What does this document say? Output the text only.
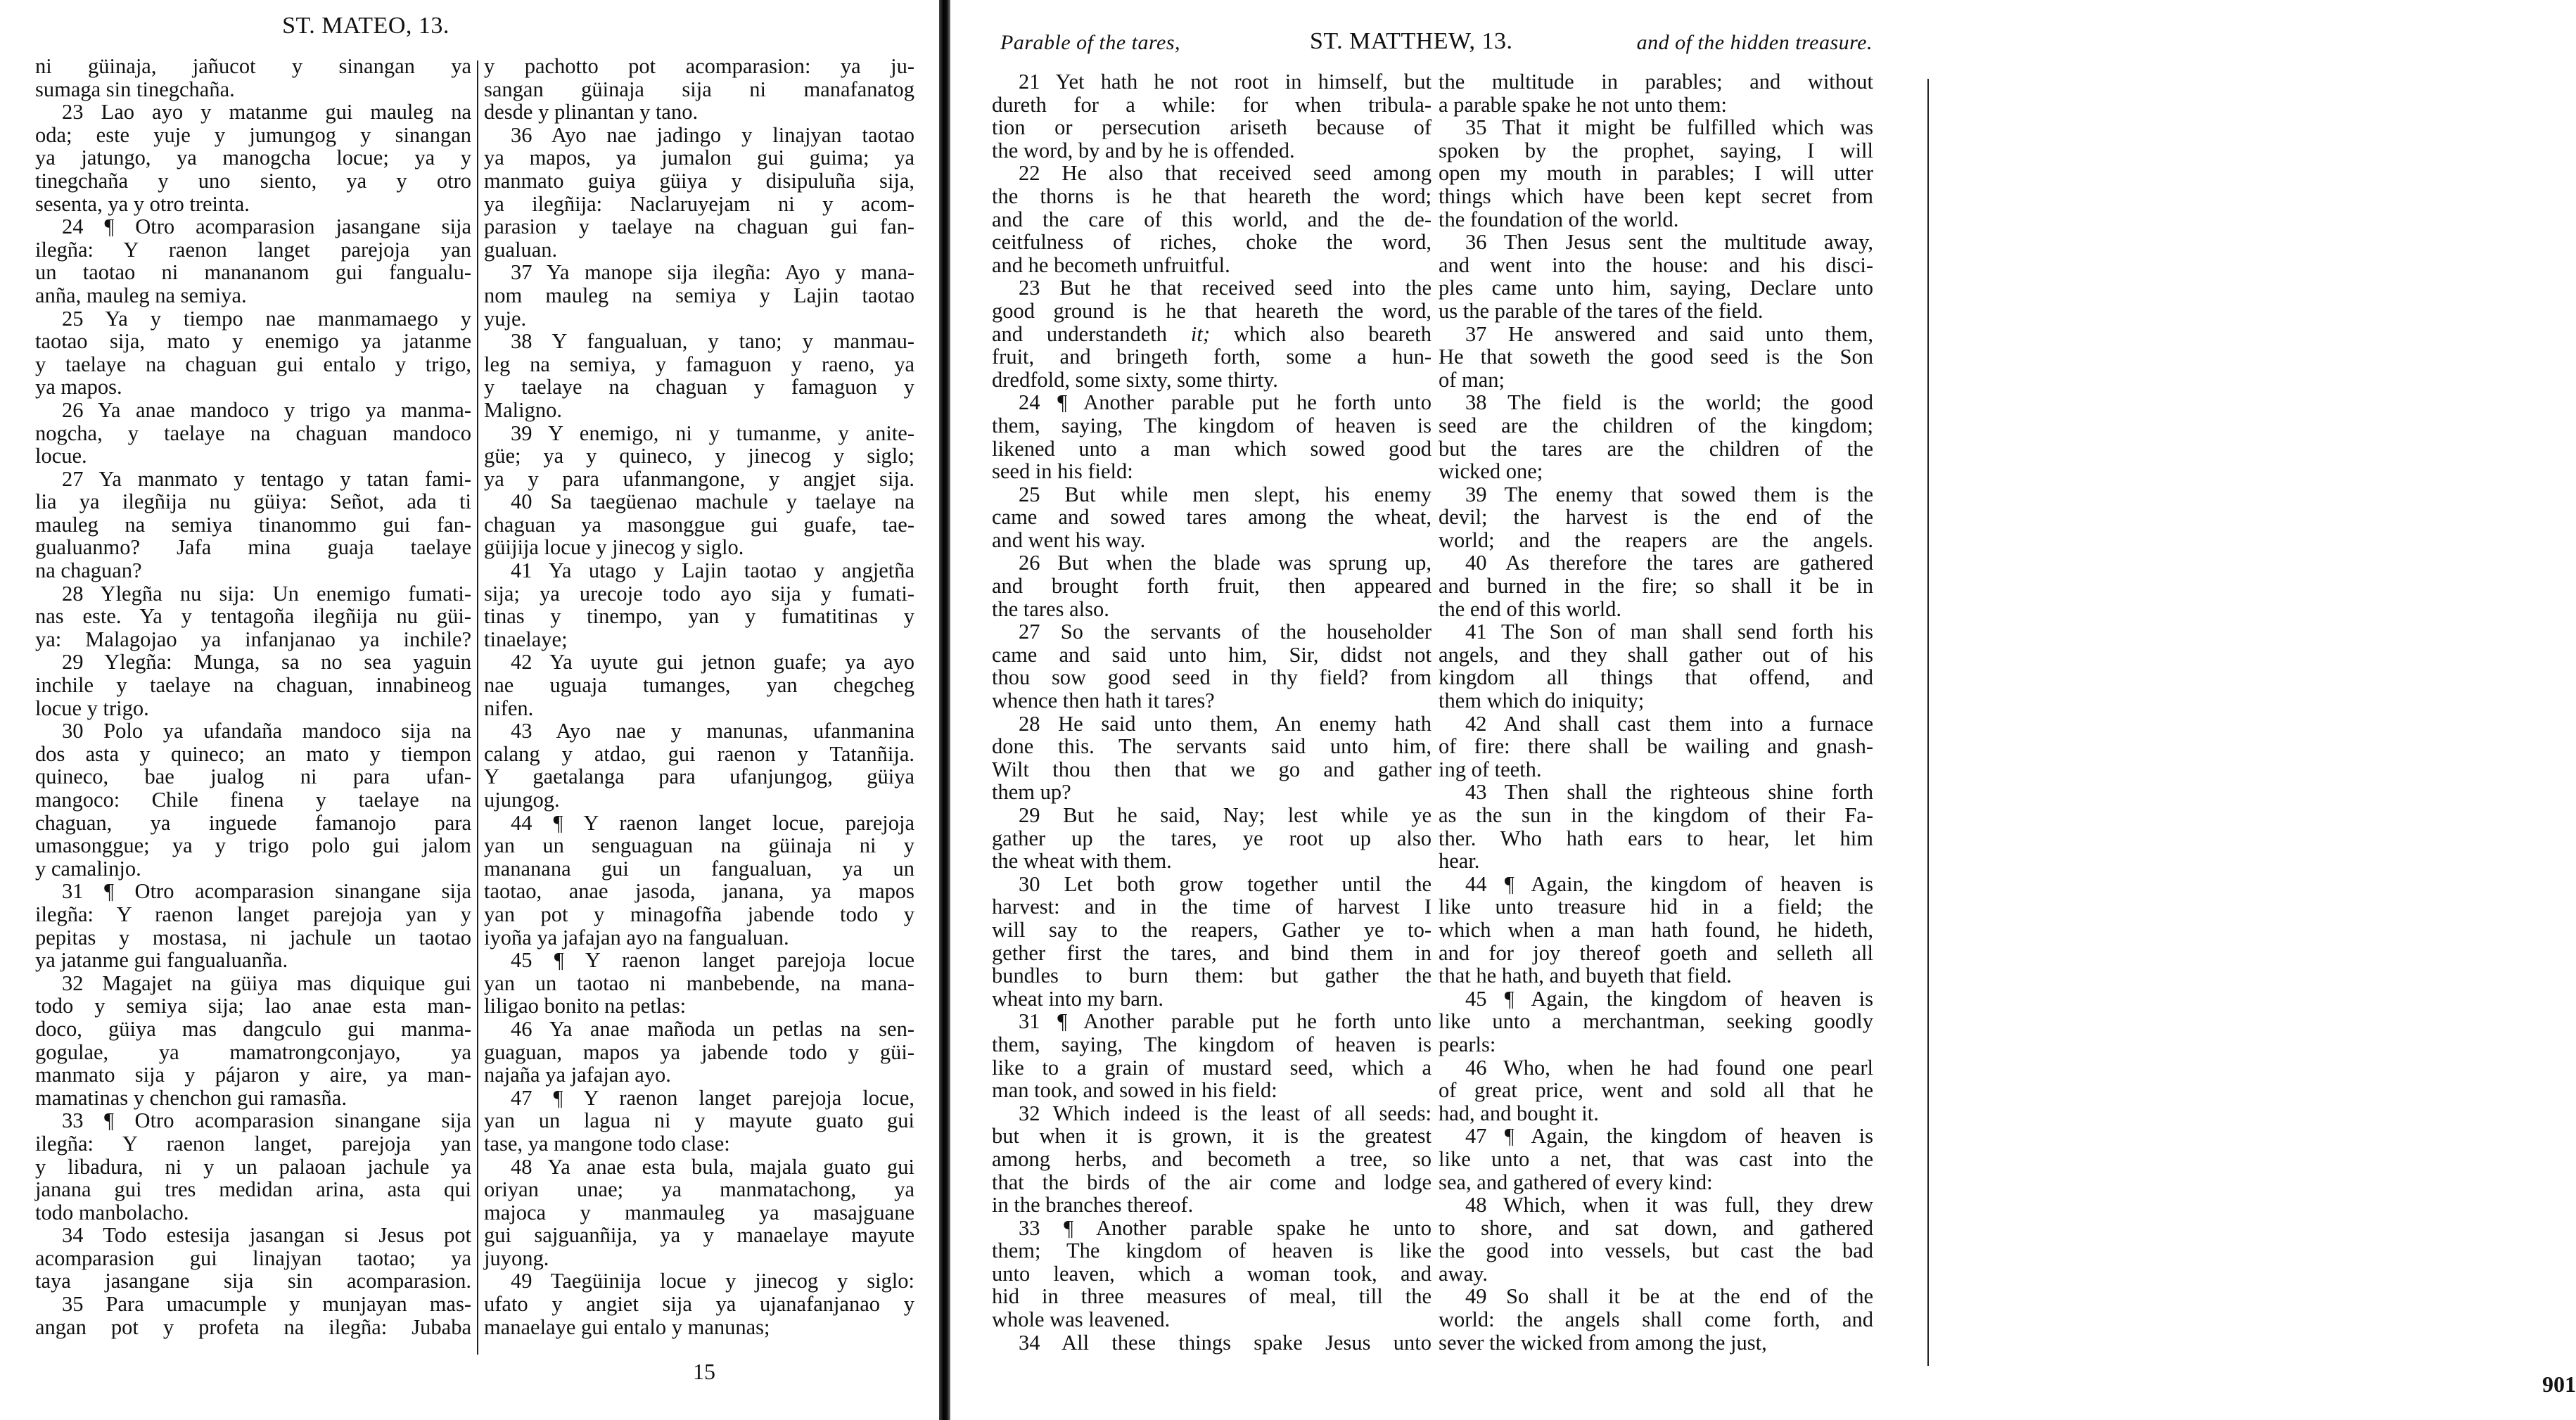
ST. MATEO, 13.
ni güinaja, jañucot y sinangan ya
sumaga sin tinegchaña.
23 Lao ayo y matanme gui mauleg na
oda; este yuje y jumungog y sinangan
ya jatungo, ya manogcha locue; ya y
tinegchaña y uno siento, ya y otro
sesenta, ya y otro treinta.
24 ¶ Otro acomparasion jasangane sija
ilegña: Y raenon langet parejoja yan
un taotao ni manananom gui fangualu-
anña, mauleg na semiya.
25 Ya y tiempo nae manmamaego y
taotao sija, mato y enemigo ya jatanme
y taelaye na chaguan gui entalo y trigo,
ya mapos.
26 Ya anae mandoco y trigo ya manma-
nogcha, y taelaye na chaguan mandoco
locue.
27 Ya manmato y tentago y tatan fami-
lia ya ilegñija nu güiya: Señot, ada ti
mauleg na semiya tinanommo gui fan-
gualuanmo? Jafa mina guaja taelaye
na chaguan?
28 Ylegña nu sija: Un enemigo fumati-
nas este. Ya y tentagoña ilegñija nu güi-
ya: Malagojao ya infanjanao ya inchile?
29 Ylegña: Munga, sa no sea yaguin
inchile y taelaye na chaguan, innabineog
locue y trigo.
30 Polo ya ufandaña mandoco sija na
dos asta y quineco; an mato y tiempon
quineco, bae jualog ni para ufan-
mangoco: Chile finena y taelaye na
chaguan, ya inguede famanojo para
umasonggue; ya y trigo polo gui jalom
y camalinjo.
31 ¶ Otro acomparasion sinangane sija
ilegña: Y raenon langet parejoja yan y
pepitas y mostasa, ni jachule un taotao
ya jatanme gui fangualuanña.
32 Magajet na güiya mas diquique gui
todo y semiya sija; lao anae esta man-
doco, güiya mas dangculo gui manma-
gogulae, ya mamatrongconjayo, ya
manmato sija y pájaron y aire, ya man-
mamatinas y chenchon gui ramasña.
33 ¶ Otro acomparasion sinangane sija
ilegña: Y raenon langet, parejoja yan
y libadura, ni y un palaoan jachule ya
janana gui tres medidan arina, asta qui
todo manbolacho.
34 Todo estesija jasangan si Jesus pot
acomparasion gui linajyan taotao; ya
taya jasangane sija sin acomparasion.
35 Para umacumple y munjayan mas-
angan pot y profeta na ilegña: Jubaba
y pachotto pot acomparasion: ya ju-
sangan güinaja sija ni manafanatog
desde y plinantan y tano.
36 Ayo nae jadingo y linajyan taotao
ya mapos, ya jumalon gui guima; ya
manmato guiya güiya y disipuluña sija,
ya ilegñija: Naclaruyejam ni y acom-
parasion y taelaye na chaguan gui fan-
gualuan.
37 Ya manope sija ilegña: Ayo y mana-
nom mauleg na semiya y Lajin taotao
yuje.
38 Y fangualuan, y tano; y manmau-
leg na semiya, y famaguon y raeno, ya
y taelaye na chaguan y famaguon y
Maligno.
39 Y enemigo, ni y tumanme, y anite-
güe; ya y quineco, y jinecog y siglo;
ya y para ufanmangone, y angjet sija.
40 Sa taegüenao machule y taelaye na
chaguan ya masonggue gui guafe, tae-
güijija locue y jinecog y siglo.
41 Ya utago y Lajin taotao y angjetña
sija; ya urecoje todo ayo sija y fumati-
tinas y tinempo, yan y fumatitinas y
tinaelaye;
42 Ya uyute gui jetnon guafe; ya ayo
nae uguaja tumanges, yan chegcheg
nifen.
43 Ayo nae y manunas, ufanmanina
calang y atdao, gui raenon y Tatanñija.
Y gaetalanga para ufanjungog, güiya
ujungog.
44 ¶ Y raenon langet locue, parejoja
yan un senguaguan na güinaja ni y
mananana gui un fangualuan, ya un
taotao, anae jasoda, janana, ya mapos
yan pot y minagofña jabende todo y
iyoña ya jafajan ayo na fangualuan.
45 ¶ Y raenon langet parejoja locue
yan un taotao ni manbebende, na mana-
liligao bonito na petlas:
46 Ya anae mañoda un petlas na sen-
guaguan, mapos ya jabende todo y güi-
najaña ya jafajan ayo.
47 ¶ Y raenon langet parejoja locue,
yan un lagua ni y mayute guato gui
tase, ya mangone todo clase:
48 Ya anae esta bula, majala guato gui
oriyan unae; ya manmatachong, ya
majoca y manmauleg ya masajguane
gui sajguanñija, ya y manaelaye mayute
juyong.
49 Taegüinija locue y jinecog y siglo:
ufato y angiet sija ya ujanafanjanao y
manaelaye gui entalo y manunas;
15
Parable of the tares,	ST. MATTHEW, 13.	and of the hidden treasure.
21 Yet hath he not root in himself, but
dureth for a while: for when tribula-
tion or persecution ariseth because of
the word, by and by he is offended.
22 He also that received seed among
the thorns is he that heareth the word;
and the care of this world, and the de-
ceitfulness of riches, choke the word,
and he becometh unfruitful.
23 But he that received seed into the
good ground is he that heareth the word,
and understandeth it; which also beareth
fruit, and bringeth forth, some a hun-
dredfold, some sixty, some thirty.
24 ¶ Another parable put he forth unto
them, saying, The kingdom of heaven is
likened unto a man which sowed good
seed in his field:
25 But while men slept, his enemy
came and sowed tares among the wheat,
and went his way.
26 But when the blade was sprung up,
and brought forth fruit, then appeared
the tares also.
27 So the servants of the householder
came and said unto him, Sir, didst not
thou sow good seed in thy field? from
whence then hath it tares?
28 He said unto them, An enemy hath
done this. The servants said unto him,
Wilt thou then that we go and gather
them up?
29 But he said, Nay; lest while ye
gather up the tares, ye root up also
the wheat with them.
30 Let both grow together until the
harvest: and in the time of harvest I
will say to the reapers, Gather ye to-
gether first the tares, and bind them in
bundles to burn them: but gather the
wheat into my barn.
31 ¶ Another parable put he forth unto
them, saying, The kingdom of heaven is
like to a grain of mustard seed, which a
man took, and sowed in his field:
32 Which indeed is the least of all seeds:
but when it is grown, it is the greatest
among herbs, and becometh a tree, so
that the birds of the air come and lodge
in the branches thereof.
33 ¶ Another parable spake he unto
them; The kingdom of heaven is like
unto leaven, which a woman took, and
hid in three measures of meal, till the
whole was leavened.
34 All these things spake Jesus unto
the multitude in parables; and without
a parable spake he not unto them:
35 That it might be fulfilled which was
spoken by the prophet, saying, I will
open my mouth in parables; I will utter
things which have been kept secret from
the foundation of the world.
36 Then Jesus sent the multitude away,
and went into the house: and his disci-
ples came unto him, saying, Declare unto
us the parable of the tares of the field.
37 He answered and said unto them,
He that soweth the good seed is the Son
of man;
38 The field is the world; the good
seed are the children of the kingdom;
but the tares are the children of the
wicked one;
39 The enemy that sowed them is the
devil; the harvest is the end of the
world; and the reapers are the angels.
40 As therefore the tares are gathered
and burned in the fire; so shall it be in
the end of this world.
41 The Son of man shall send forth his
angels, and they shall gather out of his
kingdom all things that offend, and
them which do iniquity;
42 And shall cast them into a furnace
of fire: there shall be wailing and gnash-
ing of teeth.
43 Then shall the righteous shine forth
as the sun in the kingdom of their Fa-
ther. Who hath ears to hear, let him
hear.
44 ¶ Again, the kingdom of heaven is
like unto treasure hid in a field; the
which when a man hath found, he hideth,
and for joy thereof goeth and selleth all
that he hath, and buyeth that field.
45 ¶ Again, the kingdom of heaven is
like unto a merchantman, seeking goodly
pearls:
46 Who, when he had found one pearl
of great price, went and sold all that he
had, and bought it.
47 ¶ Again, the kingdom of heaven is
like unto a net, that was cast into the
sea, and gathered of every kind:
48 Which, when it was full, they drew
to shore, and sat down, and gathered
the good into vessels, but cast the bad
away.
49 So shall it be at the end of the
world: the angels shall come forth, and
sever the wicked from among the just,
901
